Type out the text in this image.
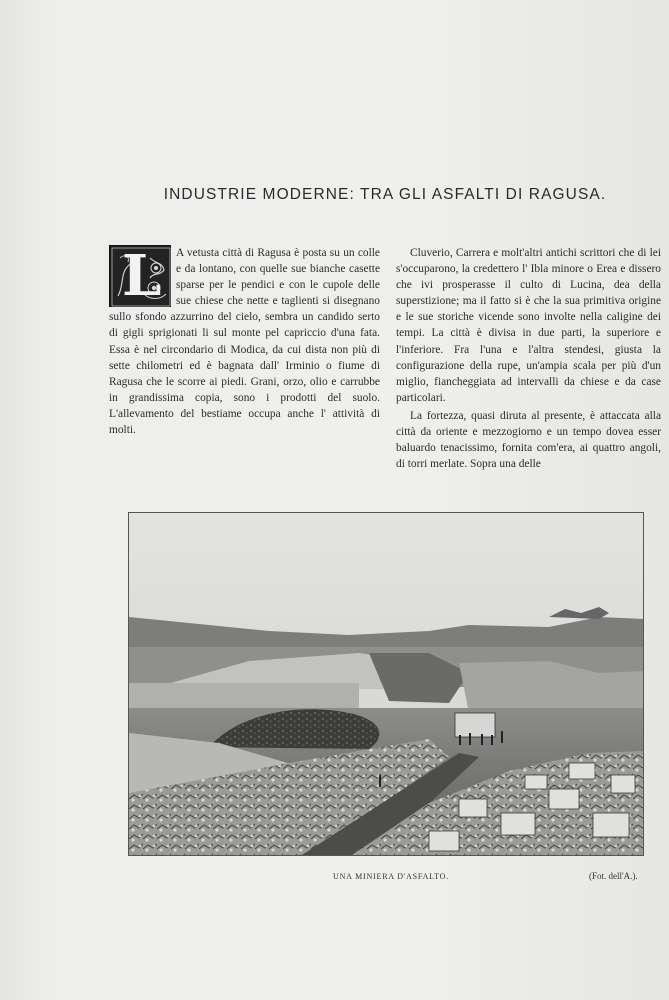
INDUSTRIE MODERNE: TRA GLI ASFALTI DI RAGUSA.
L	A vetusta città di Ragusa è posta su un colle e da lontano, con quelle sue bianche casette sparse per le pendici e con le cupole delle sue chiese che nette e taglienti si disegnano sullo sfondo azzurrino del cielo, sembra un candido serto di gigli sprigionati li sul monte pel capriccio d'una fata. Essa è nel circondario di Modica, da cui dista non più di sette chilometri ed è bagnata dall' Irminio o fiume di Ragusa che le scorre ai piedi. Grani, orzo, olio e carrubbe in grandissima copia, sono i prodotti del suolo. L'allevamento del bestiame occupa anche l' attività di molti.

Cluverio, Carrera e molt'altri antichi scrittori che di lei s'occuparono, la credettero l' Ibla minore o Erea e dissero che ivi prosperasse il culto di Lucina, dea della superstizione; ma il fatto si è che la sua primitiva origine e le sue storiche vicende sono involte nella caligine dei tempi. La città è divisa in due parti, la superiore e l'inferiore. Fra l'una e l'altra stendesi, giusta la configurazione della rupe, un'ampia scala per più d'un miglio, fiancheggiata ad intervalli da chiese e da case particolari.

La fortezza, quasi diruta al presente, è attaccata alla città da oriente e mezzogiorno e un tempo dovea esser baluardo tenacissimo, fornita com'era, ai quattro angoli, di torri merlate. Sopra una delle

UNA MINIERA D'ASFALTO.	(Fot. dell'A.).
